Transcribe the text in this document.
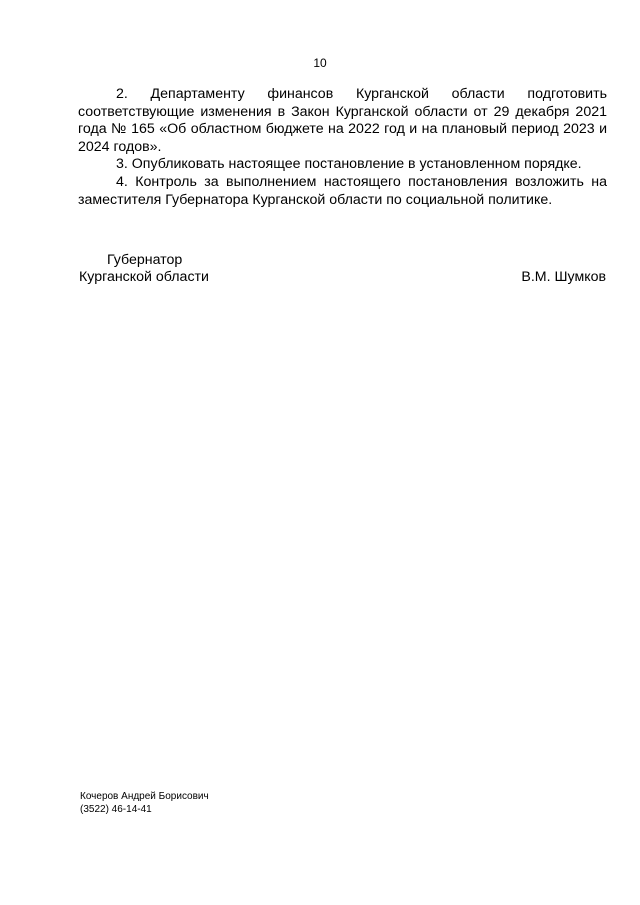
10

2. Департаменту финансов Курганской области подготовить соответствующие изменения в Закон Курганской области от 29 декабря 2021 года № 165 «Об областном бюджете на 2022 год и на плановый период 2023 и 2024 годов».

3. Опубликовать настоящее постановление в установленном порядке.

4. Контроль за выполнением настоящего постановления возложить на заместителя Губернатора Курганской области по социальной политике.

Губернатор
Курганской области	В.М. Шумков
Кочеров Андрей Борисович
(3522) 46-14-41
